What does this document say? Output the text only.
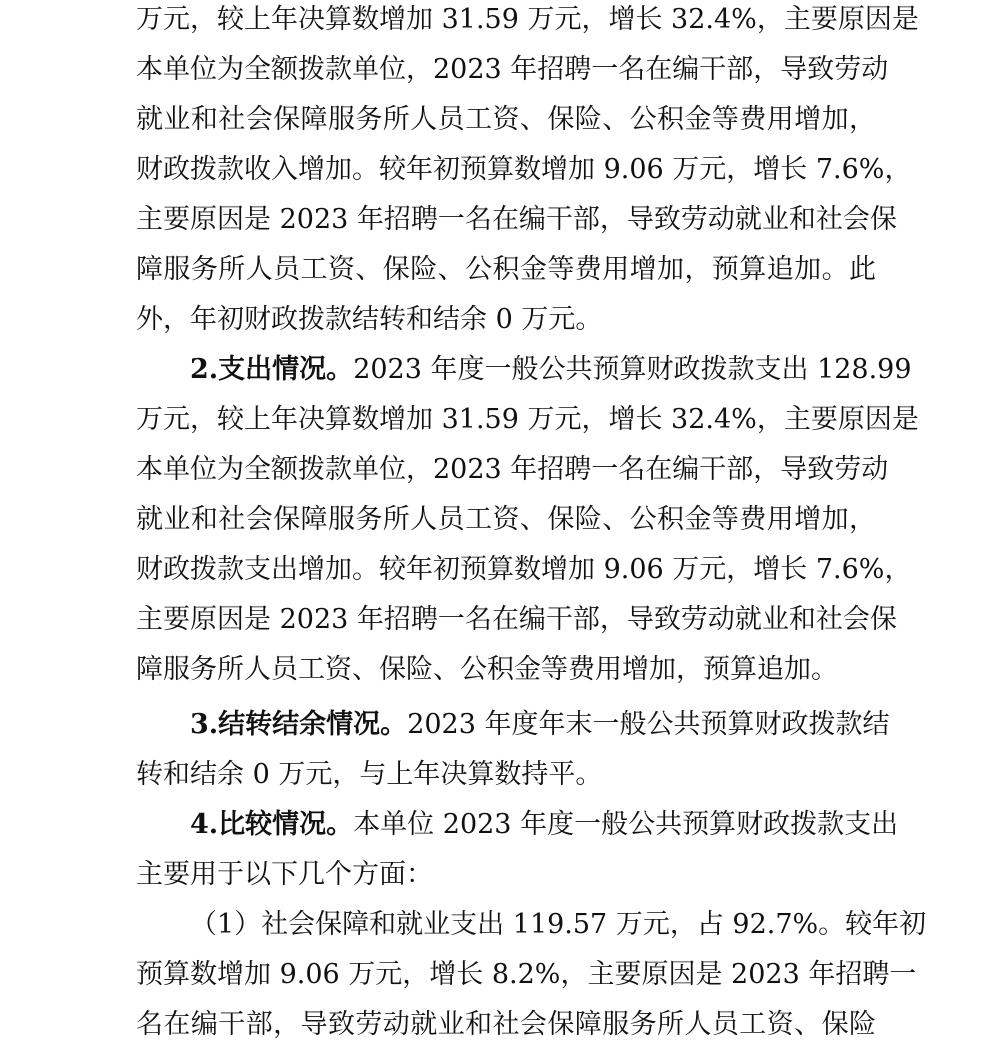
万元，较上年决算数增加 31.59 万元，增长 32.4%，主要原因是
本单位为全额拨款单位，2023 年招聘一名在编干部，导致劳动
就业和社会保障服务所人员工资、保险、公积金等费用增加，
财政拨款收入增加。较年初预算数增加 9.06 万元，增长 7.6%，
主要原因是 2023 年招聘一名在编干部，导致劳动就业和社会保
障服务所人员工资、保险、公积金等费用增加，预算追加。此
外，年初财政拨款结转和结余 0 万元。
2.支出情况。2023 年度一般公共预算财政拨款支出 128.99
万元，较上年决算数增加 31.59 万元，增长 32.4%，主要原因是
本单位为全额拨款单位，2023 年招聘一名在编干部，导致劳动
就业和社会保障服务所人员工资、保险、公积金等费用增加，
财政拨款支出增加。较年初预算数增加 9.06 万元，增长 7.6%，
主要原因是 2023 年招聘一名在编干部，导致劳动就业和社会保
障服务所人员工资、保险、公积金等费用增加，预算追加。
3.结转结余情况。2023 年度年末一般公共预算财政拨款结
转和结余 0 万元，与上年决算数持平。
4.比较情况。本单位 2023 年度一般公共预算财政拨款支出
主要用于以下几个方面：
（1）社会保障和就业支出 119.57 万元，占 92.7%。较年初
预算数增加 9.06 万元，增长 8.2%，主要原因是 2023 年招聘一
名在编干部，导致劳动就业和社会保障服务所人员工资、保险
